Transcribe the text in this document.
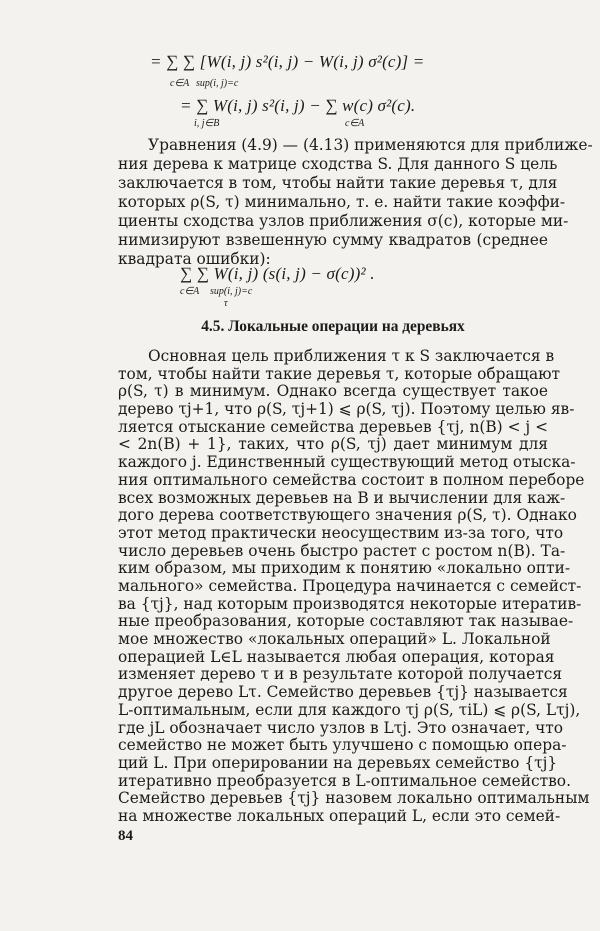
= ∑ ∑ [W(i, j) s²(i, j) − W(i, j) σ²(c)] =
c∈A sup(i, j)=c
= ∑ W(i, j) s²(i, j) − ∑ w(c) σ²(c).
i, j∈B	c∈A
Уравнения (4.9) — (4.13) применяются для приближе-
ния дерева к матрице сходства S. Для данного S цель
заключается в том, чтобы найти такие деревья τ, для
которых ρ(S, τ) минимально, т. е. найти такие коэффи-
циенты сходства узлов приближения σ(c), которые ми-
нимизируют взвешенную сумму квадратов (среднее
квадрата ошибки):
∑ ∑ W(i, j) (s(i, j) − σ(c))² .
c∈A sup(i, j)=c
τ
4.5. Локальные операции на деревьях
84
Основная цель приближения τ к S заключается в
том, чтобы найти такие деревья τ, которые обращают
ρ(S, τ) в минимум. Однако всегда существует такое
дерево τj+1, что ρ(S, τj+1) ⩽ ρ(S, τj). Поэтому целью яв-
ляется отыскание семейства деревьев {τj, n(B) < j <
< 2n(B) + 1}, таких, что ρ(S, τj) дает минимум для
каждого j. Единственный существующий метод отыска-
ния оптимального семейства состоит в полном переборе
всех возможных деревьев на B и вычислении для каж-
дого дерева соответствующего значения ρ(S, τ). Однако
этот метод практически неосуществим из-за того, что
число деревьев очень быстро растет с ростом n(B). Та-
ким образом, мы приходим к понятию «локально опти-
мального» семейства. Процедура начинается с семейст-
ва {τj}, над которым производятся некоторые итератив-
ные преобразования, которые составляют так называе-
мое множество «локальных операций» L. Локальной
операцией L∈L называется любая операция, которая
изменяет дерево τ и в результате которой получается
другое дерево Lτ. Семейство деревьев {τj} называется
L-оптимальным, если для каждого τj ρ(S, τiL) ⩽ ρ(S, Lτj),
где jL обозначает число узлов в Lτj. Это означает, что
семейство не может быть улучшено с помощью опера-
ций L. При оперировании на деревьях семейство {τj}
итеративно преобразуется в L-оптимальное семейство.
Семейство деревьев {τj} назовем локально оптимальным
на множестве локальных операций L, если это семей-
